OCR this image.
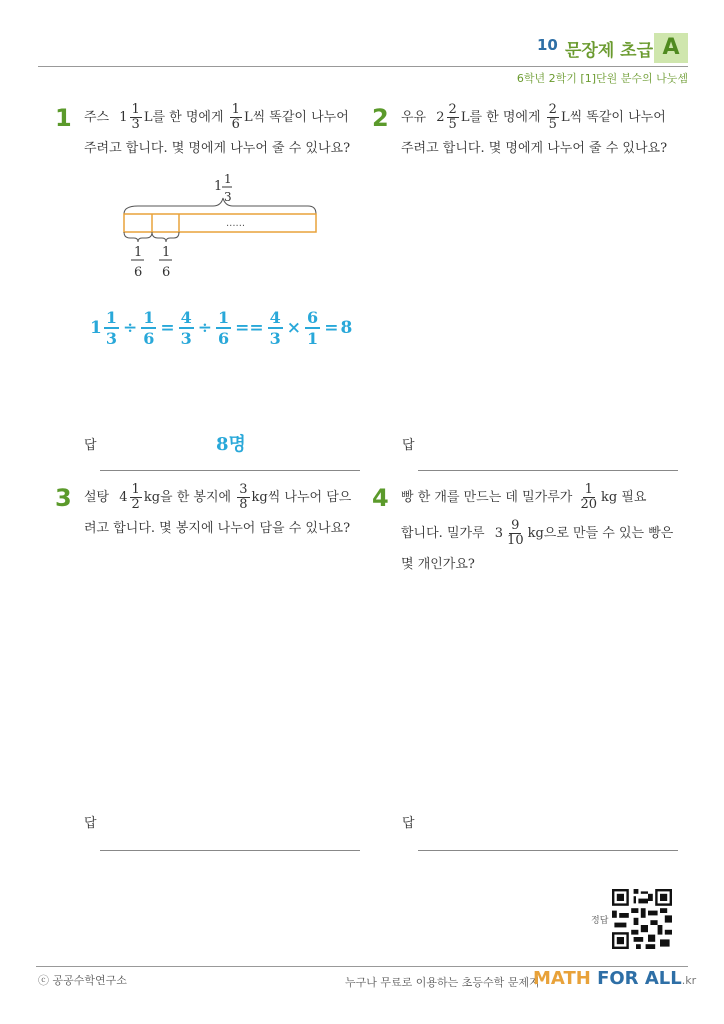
10 문장제 초급 A
6학년 2학기 [1]단원 분수의 나눗셈
1 주스 $1 \frac{1}{3}$ L를 한 명에게 $\frac{1}{6}$ L씩 똑같이 나누어
주려고 합니다. 몇 명에게 나누어 줄 수 있나요?
1 1
3
......
1
6
1
6
$1 \frac{1}{3} \div \frac{1}{6} = \frac{4}{3} \div \frac{1}{6} == \frac{4}{3} \times \frac{6}{1} = 8$
답	8명
2 우유 $2 \frac{2}{5}$ L를 한 명에게 $\frac{2}{5}$ L씩 똑같이 나누어
주려고 합니다. 몇 명에게 나누어 줄 수 있나요?
답
3 설탕 $4 \frac{1}{2}$ kg을 한 봉지에 $\frac{3}{8}$ kg씩 나누어 담으
려고 합니다. 몇 봉지에 나누어 담을 수 있나요?
답
4 빵 한 개를 만드는 데 밀가루가 $\frac{1}{20}$ kg 필요
합니다. 밀가루 $3 \frac{9}{10}$ kg으로 만들 수 있는 빵은
몇 개인가요?
답
정답
ⓒ 공공수학연구소	누구나 무료로 이용하는 초등수학 문제지
MATH FOR ALL.kr
